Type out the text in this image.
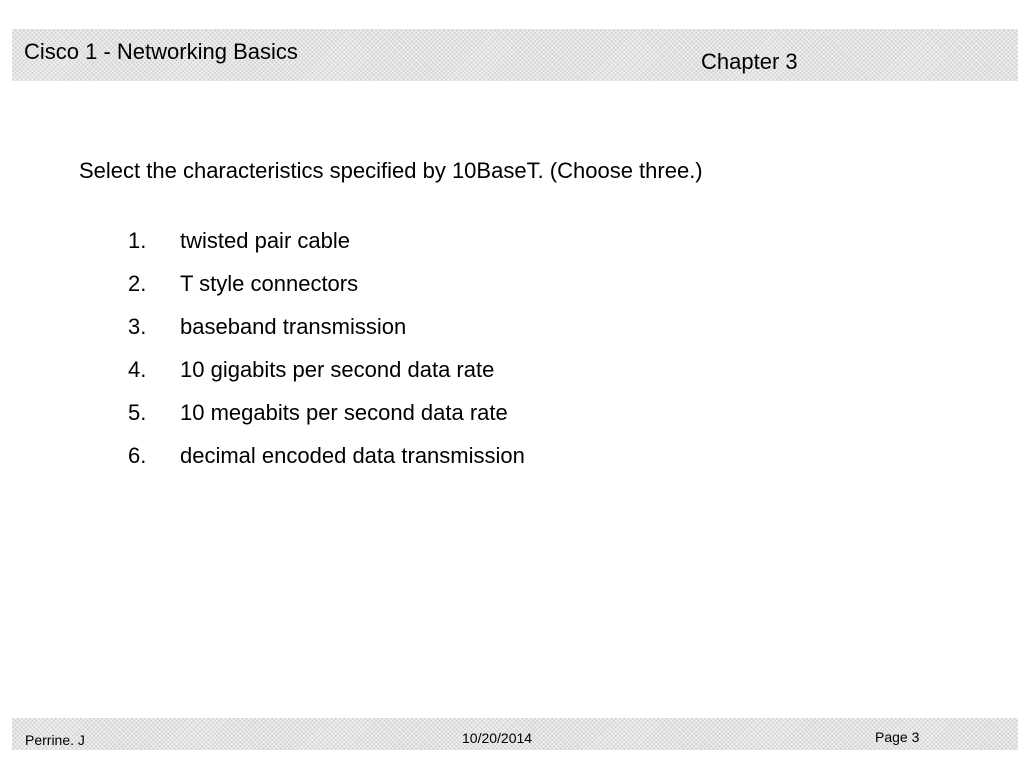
Cisco 1 - Networking Basics	Chapter 3
Select the characteristics specified by 10BaseT. (Choose three.)
1.	twisted pair cable
2.	T style connectors
3.	baseband transmission
4.	10 gigabits per second data rate
5.	10 megabits per second data rate
6.	decimal encoded data transmission
Perrine. J	10/20/2014	Page 3
